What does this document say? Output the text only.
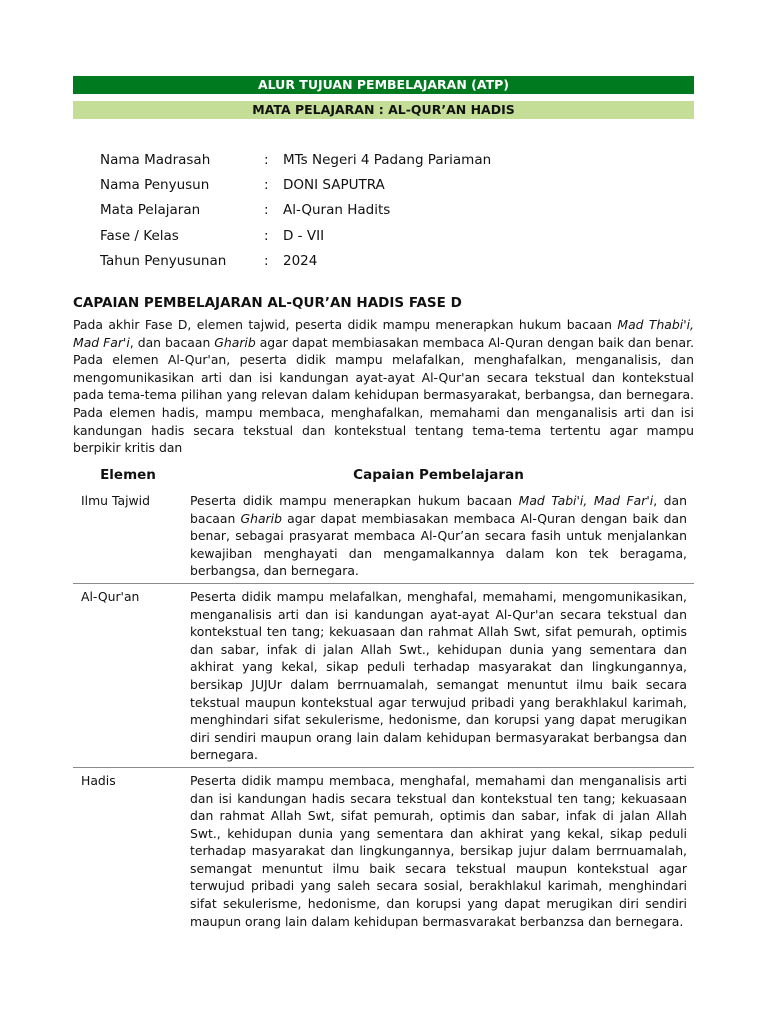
ALUR TUJUAN PEMBELAJARAN (ATP)
MATA PELAJARAN : AL-QUR’AN HADIS
Nama Madrasah	:	MTs Negeri 4 Padang Pariaman
Nama Penyusun	:	DONI SAPUTRA
Mata Pelajaran	:	Al-Quran Hadits
Fase / Kelas	:	D - VII
Tahun Penyusunan	:	2024
CAPAIAN PEMBELAJARAN AL-QUR’AN HADIS FASE D
Pada akhir Fase D, elemen tajwid, peserta didik mampu menerapkan hukum bacaan Mad Thabi'i, Mad Far'i, dan bacaan Gharib agar dapat membiasakan membaca Al-Quran dengan baik dan benar. Pada elemen Al-Qur'an, peserta didik mampu melafalkan, menghafalkan, menganalisis, dan mengomunikasikan arti dan isi kandungan ayat-ayat Al-Qur'an secara tekstual dan kontekstual pada tema-tema pilihan yang relevan dalam kehidupan bermasyarakat, berbangsa, dan bernegara. Pada elemen hadis, mampu membaca, menghafalkan, memahami dan menganalisis arti dan isi kandungan hadis secara tekstual dan kontekstual tentang tema-tema tertentu agar mampu berpikir kritis dan
Elemen	Capaian Pembelajaran
Ilmu Tajwid	Peserta didik mampu menerapkan hukum bacaan Mad Tabi'i, Mad Far'i, dan bacaan Gharib agar dapat membiasakan membaca Al-Quran dengan baik dan benar, sebagai prasyarat membaca Al-Qur’an secara fasih untuk menjalankan kewajiban menghayati dan mengamalkannya dalam kon tek beragama, berbangsa, dan bernegara.
Al-Qur'an	Peserta didik mampu melafalkan, menghafal, memahami, mengomunikasikan, menganalisis arti dan isi kandungan ayat-ayat Al-Qur'an secara tekstual dan kontekstual ten tang; kekuasaan dan rahmat Allah Swt, sifat pemurah, optimis dan sabar, infak di jalan Allah Swt., kehidupan dunia yang sementara dan akhirat yang kekal, sikap peduli terhadap masyarakat dan lingkungannya, bersikap JUJUr dalam berrnuamalah, semangat menuntut ilmu baik secara tekstual maupun kontekstual agar terwujud pribadi yang berakhlakul karimah, menghindari sifat sekulerisme, hedonisme, dan korupsi yang dapat merugikan diri sendiri maupun orang lain dalam kehidupan bermasyarakat berbangsa dan bernegara.
Hadis	Peserta didik mampu membaca, menghafal, memahami dan menganalisis arti dan isi kandungan hadis secara tekstual dan kontekstual ten tang; kekuasaan dan rahmat Allah Swt, sifat pemurah, optimis dan sabar, infak di jalan Allah Swt., kehidupan dunia yang sementara dan akhirat yang kekal, sikap peduli terhadap masyarakat dan lingkungannya, bersikap jujur dalam berrnuamalah, semangat menuntut ilmu baik secara tekstual maupun kontekstual agar terwujud pribadi yang saleh secara sosial, berakhlakul karimah, menghindari sifat sekulerisme, hedonisme, dan korupsi yang dapat merugikan diri sendiri maupun orang lain dalam kehidupan bermasvarakat berbanzsa dan bernegara.
